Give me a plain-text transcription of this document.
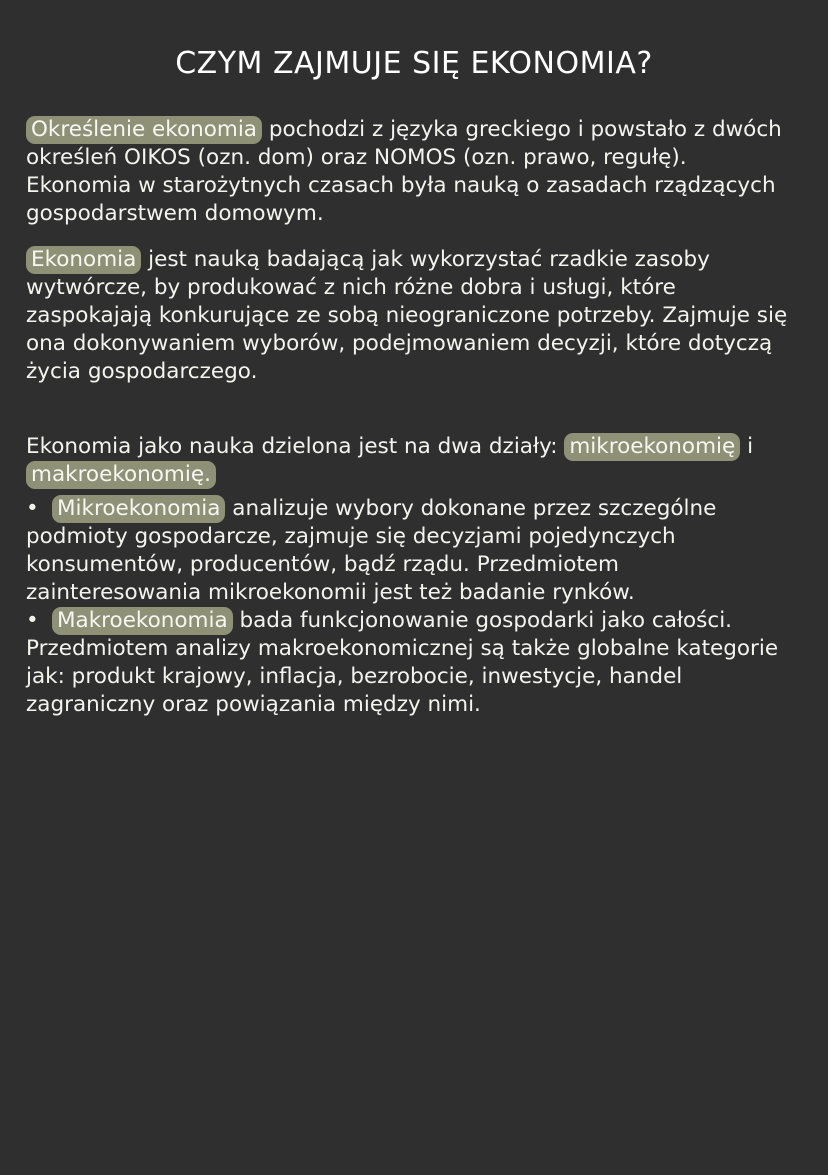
CZYM ZAJMUJE SIĘ EKONOMIA?

Określenie ekonomia pochodzi z języka greckiego i powstało z dwóch określeń OIKOS (ozn. dom) oraz NOMOS (ozn. prawo, regułę). Ekonomia w starożytnych czasach była nauką o zasadach rządzących gospodarstwem domowym.

Ekonomia jest nauką badającą jak wykorzystać rzadkie zasoby wytwórcze, by produkować z nich różne dobra i usługi, które zaspokajają konkurujące ze sobą nieograniczone potrzeby. Zajmuje się ona dokonywaniem wyborów, podejmowaniem decyzji, które dotyczą życia gospodarczego.

Ekonomia jako nauka dzielona jest na dwa działy: mikroekonomię i makroekonomię.

• Mikroekonomia analizuje wybory dokonane przez szczególne podmioty gospodarcze, zajmuje się decyzjami pojedynczych konsumentów, producentów, bądź rządu. Przedmiotem zainteresowania mikroekonomii jest też badanie rynków.

• Makroekonomia bada funkcjonowanie gospodarki jako całości. Przedmiotem analizy makroekonomicznej są także globalne kategorie jak: produkt krajowy, inflacja, bezrobocie, inwestycje, handel zagraniczny oraz powiązania między nimi.
